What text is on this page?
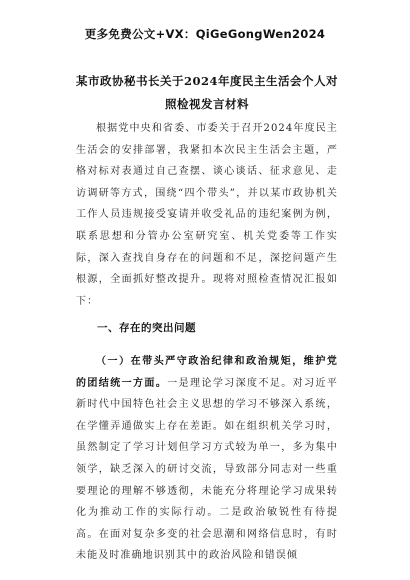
更多免费公文+VX：QiGeGongWen2024
某市政协秘书长关于2024年度民主生活会个人对照检视发言材料
根据党中央和省委、市委关于召开2024年度民主生活会的安排部署，我紧扣本次民主生活会主题，严格对标对表通过自己查摆、谈心谈话、征求意见、走访调研等方式，围绕“四个带头”，并以某市政协机关工作人员违规接受宴请并收受礼品的违纪案例为例，联系思想和分管办公室研究室、机关党委等工作实际，深入查找自身存在的问题和不足，深挖问题产生根源，全面抓好整改提升。现将对照检查情况汇报如下：
一、存在的突出问题
（一）在带头严守政治纪律和政治规矩，维护党的团结统一方面。一是理论学习深度不足。对习近平新时代中国特色社会主义思想的学习不够深入系统，在学懂弄通做实上存在差距。如在组织机关学习时，虽然制定了学习计划但学习方式较为单一，多为集中领学，缺乏深入的研讨交流，导致部分同志对一些重要理论的理解不够透彻，未能充分将理论学习成果转化为推动工作的实际行动。二是政治敏锐性有待提高。在面对复杂多变的社会思潮和网络信息时，有时未能及时准确地识别其中的政治风险和错误倾
